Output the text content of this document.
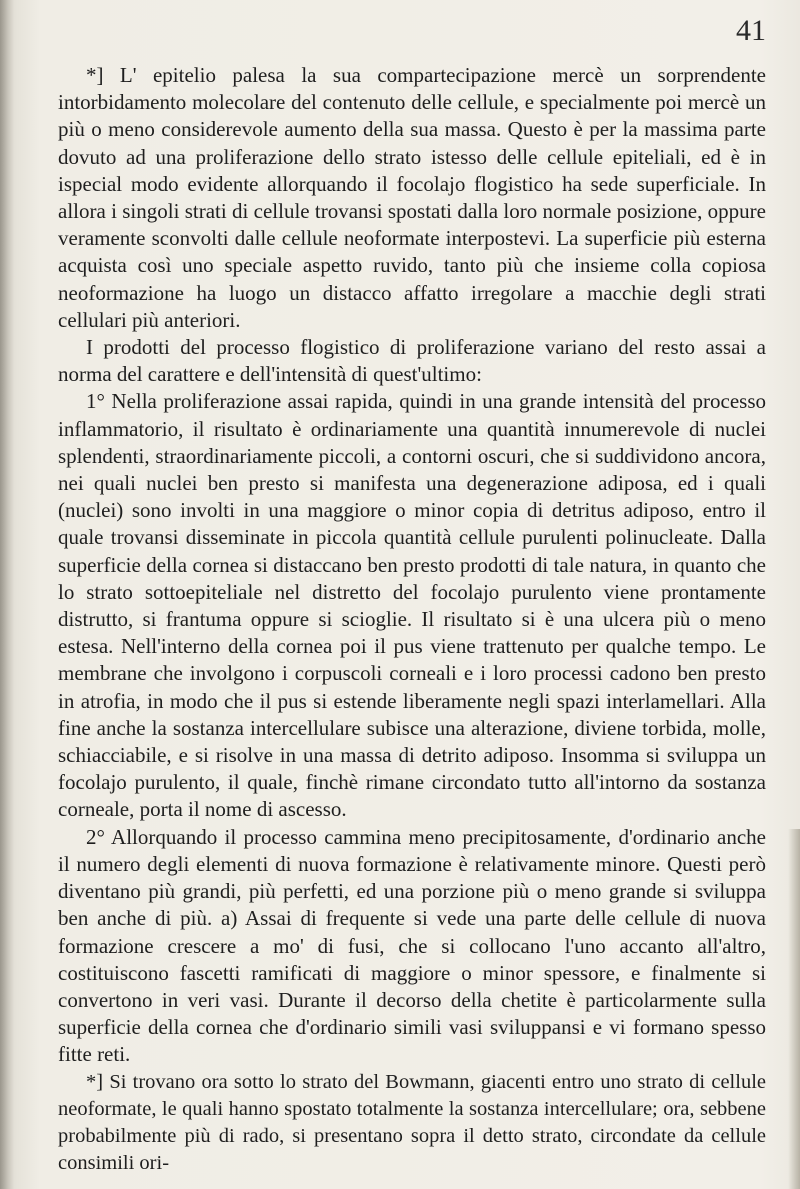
41

*] L' epitelio palesa la sua compartecipazione mercè un sorprendente intorbidamento molecolare del contenuto delle cellule, e specialmente poi mercè un più o meno considerevole aumento della sua massa. Questo è per la massima parte dovuto ad una proliferazione dello strato istesso delle cellule epiteliali, ed è in ispecial modo evidente allorquando il focolajo flogistico ha sede superficiale. In allora i singoli strati di cellule trovansi spostati dalla loro normale posizione, oppure veramente sconvolti dalle cellule neoformate interpostevi. La superficie più esterna acquista così uno speciale aspetto ruvido, tanto più che insieme colla copiosa neoformazione ha luogo un distacco affatto irregolare a macchie degli strati cellulari più anteriori.

I prodotti del processo flogistico di proliferazione variano del resto assai a norma del carattere e dell'intensità di quest'ultimo:

1° Nella proliferazione assai rapida, quindi in una grande intensità del processo inflammatorio, il risultato è ordinariamente una quantità innumerevole di nuclei splendenti, straordinariamente piccoli, a contorni oscuri, che si suddividono ancora, nei quali nuclei ben presto si manifesta una degenerazione adiposa, ed i quali (nuclei) sono involti in una maggiore o minor copia di detritus adiposo, entro il quale trovansi disseminate in piccola quantità cellule purulenti polinucleate. Dalla superficie della cornea si distaccano ben presto prodotti di tale natura, in quanto che lo strato sottoepiteliale nel distretto del focolajo purulento viene prontamente distrutto, si frantuma oppure si scioglie. Il risultato si è una ulcera più o meno estesa. Nell'interno della cornea poi il pus viene trattenuto per qualche tempo. Le membrane che involgono i corpuscoli corneali e i loro processi cadono ben presto in atrofia, in modo che il pus si estende liberamente negli spazi interlamellari. Alla fine anche la sostanza intercellulare subisce una alterazione, diviene torbida, molle, schiacciabile, e si risolve in una massa di detrito adiposo. Insomma si sviluppa un focolajo purulento, il quale, finchè rimane circondato tutto all'intorno da sostanza corneale, porta il nome di ascesso.

2° Allorquando il processo cammina meno precipitosamente, d'ordinario anche il numero degli elementi di nuova formazione è relativamente minore. Questi però diventano più grandi, più perfetti, ed una porzione più o meno grande si sviluppa ben anche di più. a) Assai di frequente si vede una parte delle cellule di nuova formazione crescere a mo' di fusi, che si collocano l'uno accanto all'altro, costituiscono fascetti ramificati di maggiore o minor spessore, e finalmente si convertono in veri vasi. Durante il decorso della chetite è particolarmente sulla superficie della cornea che d'ordinario simili vasi sviluppansi e vi formano spesso fitte reti.

*] Si trovano ora sotto lo strato del Bowmann, giacenti entro uno strato di cellule neoformate, le quali hanno spostato totalmente la sostanza intercellulare; ora, sebbene probabilmente più di rado, si presentano sopra il detto strato, circondate da cellule consimili ori-
